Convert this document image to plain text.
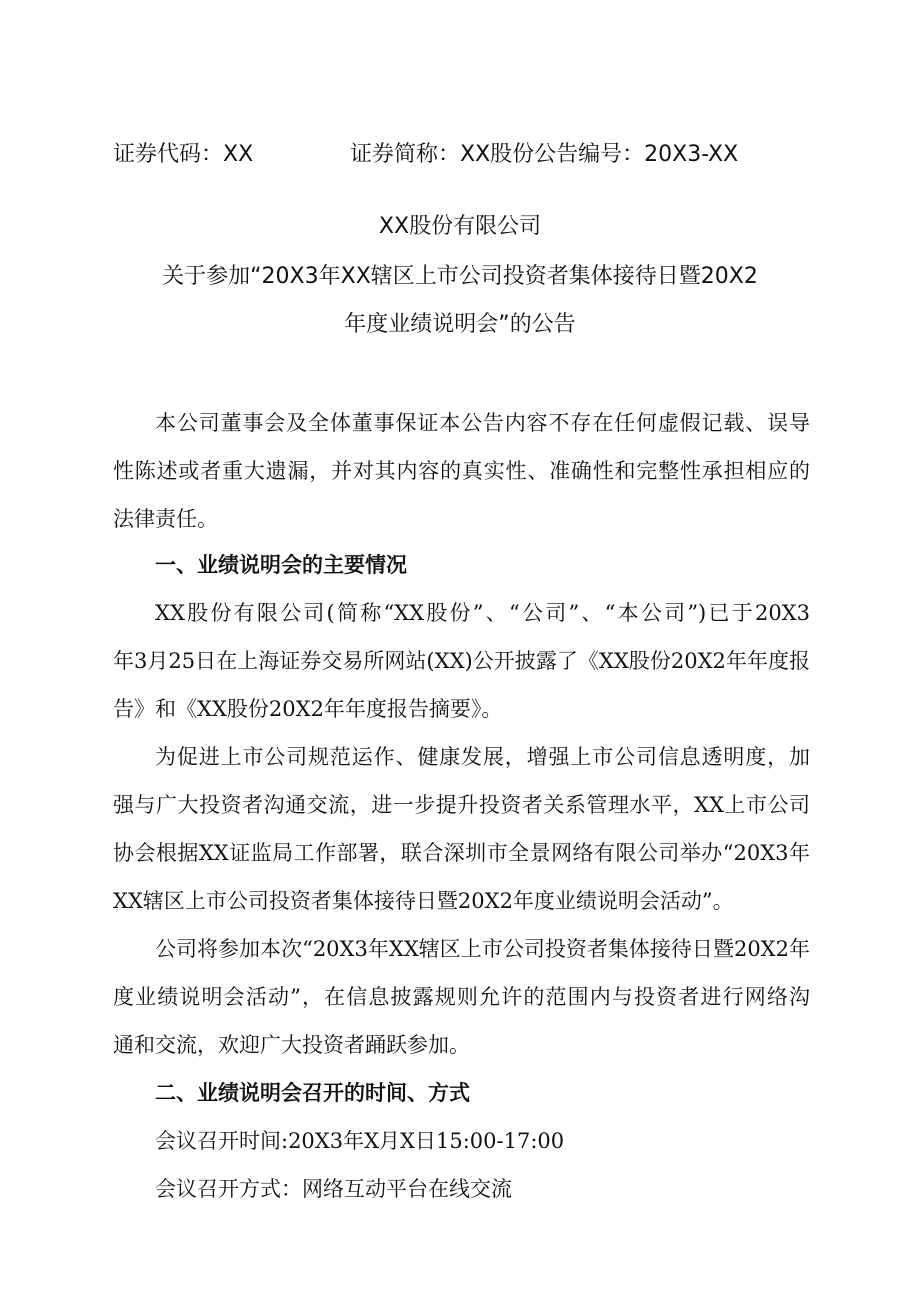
证券代码：XX	证券简称：XX股份公告编号：20X3-XX
XX股份有限公司
关于参加“20X3年XX辖区上市公司投资者集体接待日暨20X2
年度业绩说明会”的公告
本公司董事会及全体董事保证本公告内容不存在任何虚假记载、误导
性陈述或者重大遗漏，并对其内容的真实性、准确性和完整性承担相应的
法律责任。
一、业绩说明会的主要情况
XX股份有限公司(简称“XX股份”、“公司”、“本公司”)已于20X3
年3月25日在上海证券交易所网站(XX)公开披露了《XX股份20X2年年度报
告》和《XX股份20X2年年度报告摘要》。
为促进上市公司规范运作、健康发展，增强上市公司信息透明度，加
强与广大投资者沟通交流，进一步提升投资者关系管理水平，XX上市公司
协会根据XX证监局工作部署，联合深圳市全景网络有限公司举办“20X3年
XX辖区上市公司投资者集体接待日暨20X2年度业绩说明会活动”。
公司将参加本次“20X3年XX辖区上市公司投资者集体接待日暨20X2年
度业绩说明会活动”，在信息披露规则允许的范围内与投资者进行网络沟
通和交流，欢迎广大投资者踊跃参加。
二、业绩说明会召开的时间、方式
会议召开时间:20X3年X月X日15:00-17:00
会议召开方式：网络互动平台在线交流
